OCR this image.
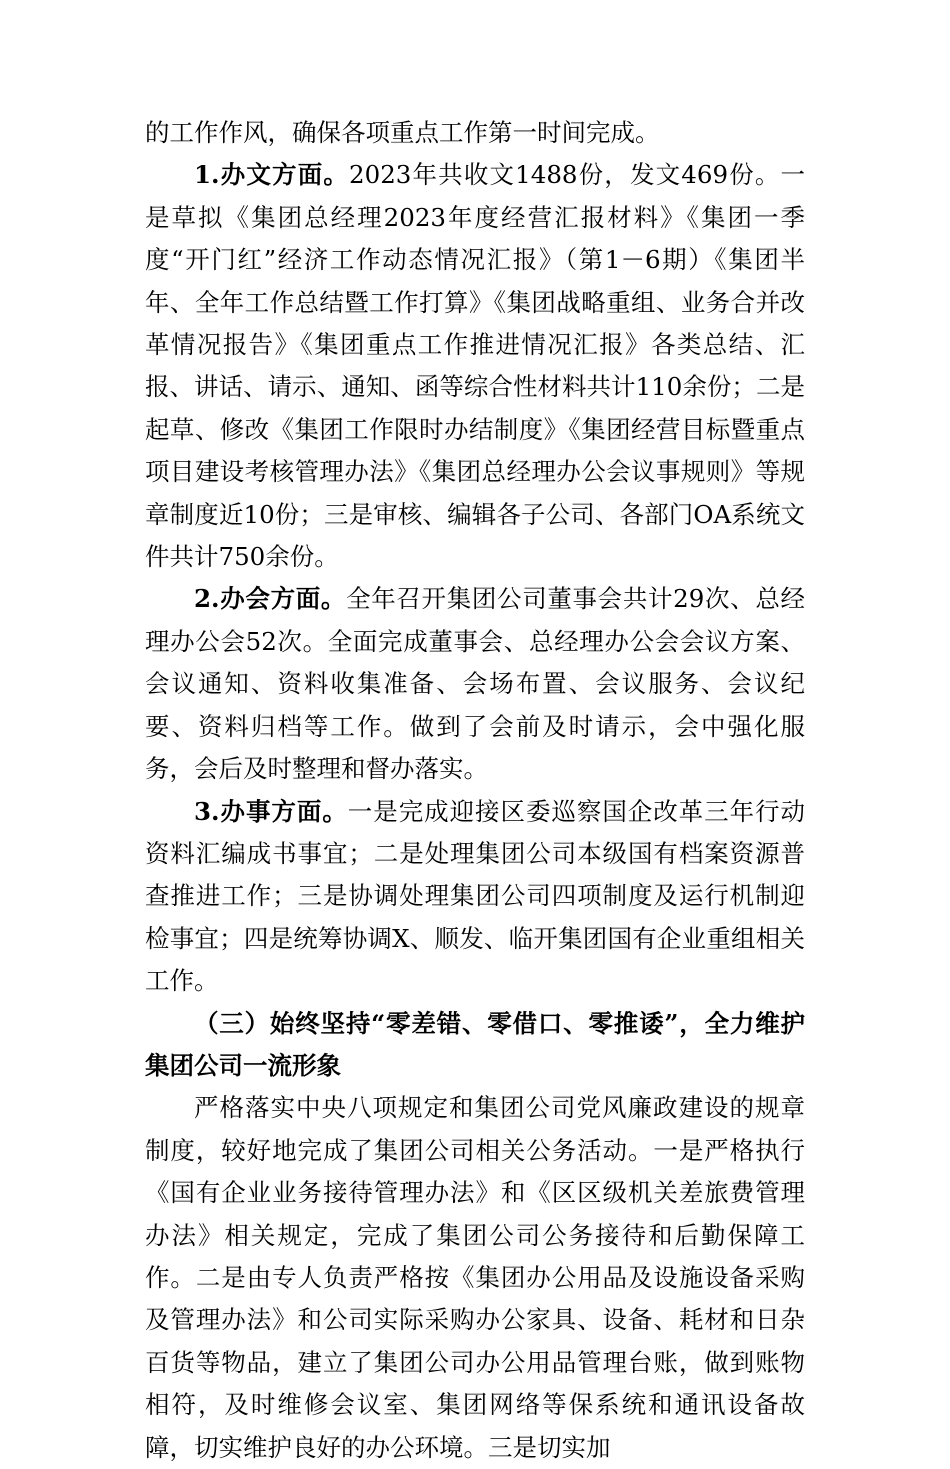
的工作作风，确保各项重点工作第一时间完成。

1.办文方面。2023年共收文1488份，发文469份。一是草拟《集团总经理2023年度经营汇报材料》《集团一季度“开门红”经济工作动态情况汇报》（第1－6期）《集团半年、全年工作总结暨工作打算》《集团战略重组、业务合并改革情况报告》《集团重点工作推进情况汇报》各类总结、汇报、讲话、请示、通知、函等综合性材料共计110余份；二是起草、修改《集团工作限时办结制度》《集团经营目标暨重点项目建设考核管理办法》《集团总经理办公会议事规则》等规章制度近10份；三是审核、编辑各子公司、各部门OA系统文件共计750余份。

2.办会方面。全年召开集团公司董事会共计29次、总经理办公会52次。全面完成董事会、总经理办公会会议方案、会议通知、资料收集准备、会场布置、会议服务、会议纪要、资料归档等工作。做到了会前及时请示，会中强化服务，会后及时整理和督办落实。

3.办事方面。一是完成迎接区委巡察国企改革三年行动资料汇编成书事宜；二是处理集团公司本级国有档案资源普查推进工作；三是协调处理集团公司四项制度及运行机制迎检事宜；四是统筹协调X、顺发、临开集团国有企业重组相关工作。

（三）始终坚持“零差错、零借口、零推诿”，全力维护集团公司一流形象

严格落实中央八项规定和集团公司党风廉政建设的规章制度，较好地完成了集团公司相关公务活动。一是严格执行《国有企业业务接待管理办法》和《区区级机关差旅费管理办法》相关规定，完成了集团公司公务接待和后勤保障工作。二是由专人负责严格按《集团办公用品及设施设备采购及管理办法》和公司实际采购办公家具、设备、耗材和日杂百货等物品，建立了集团公司办公用品管理台账，做到账物相符，及时维修会议室、集团网络等保系统和通讯设备故障，切实维护良好的办公环境。三是切实加
